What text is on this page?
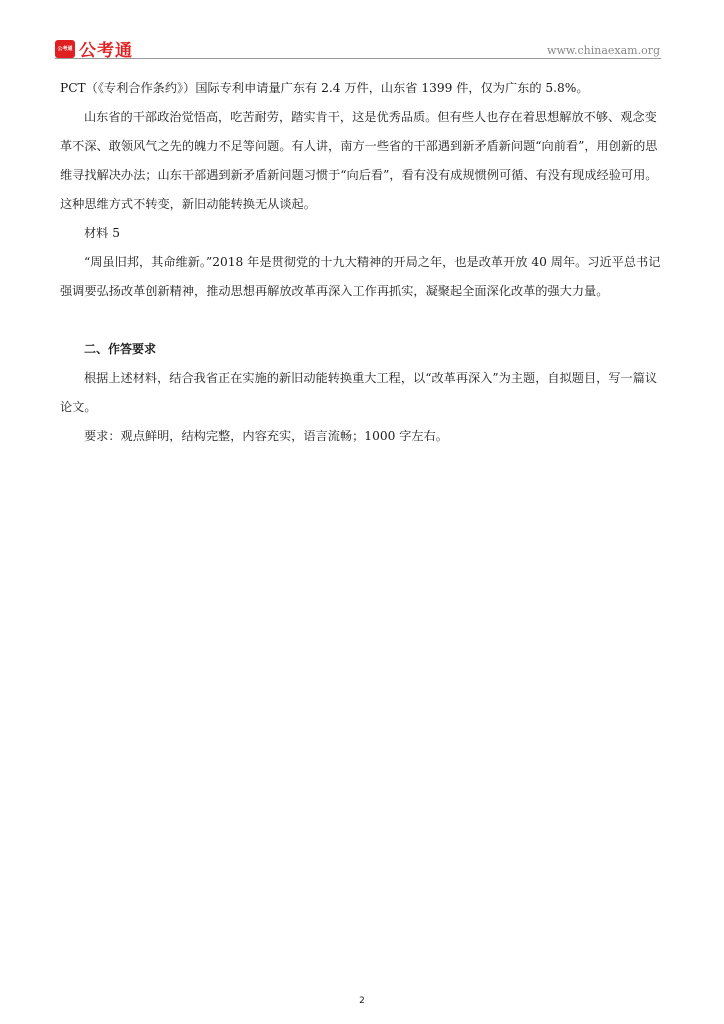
公考通 公考通	www.chinaexam.org

PCT（《专利合作条约》）国际专利申请量广东有 2.4 万件，山东省 1399 件，仅为广东的 5.8%。

山东省的干部政治觉悟高，吃苦耐劳，踏实肯干，这是优秀品质。但有些人也存在着思想解放不够、观念变革不深、敢领风气之先的魄力不足等问题。有人讲，南方一些省的干部遇到新矛盾新问题“向前看”，用创新的思维寻找解决办法；山东干部遇到新矛盾新问题习惯于“向后看”，看有没有成规惯例可循、有没有现成经验可用。这种思维方式不转变，新旧动能转换无从谈起。

材料 5

“周虽旧邦，其命维新。”2018 年是贯彻党的十九大精神的开局之年，也是改革开放 40 周年。习近平总书记强调要弘扬改革创新精神，推动思想再解放改革再深入工作再抓实，凝聚起全面深化改革的强大力量。

二、作答要求

根据上述材料，结合我省正在实施的新旧动能转换重大工程，以“改革再深入”为主题，自拟题目，写一篇议论文。

要求：观点鲜明，结构完整，内容充实，语言流畅；1000 字左右。

2
